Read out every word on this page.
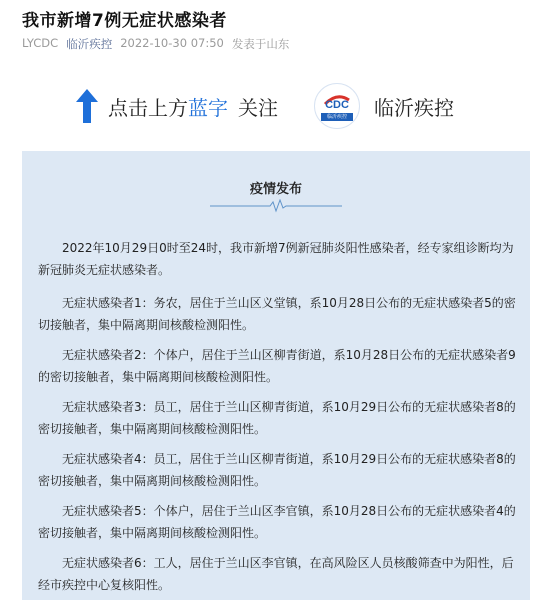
我市新增7例无症状感染者
LYCDC 临沂疾控 2022-10-30 07:50 发表于山东
点击上方蓝字 关注	CDC
临沂疾控 临沂疾控
疫情发布

2022年10月29日0时至24时，我市新增7例新冠肺炎阳性感染者，经专家组诊断均为新冠肺炎无症状感染者。

无症状感染者1：务农，居住于兰山区义堂镇，系10月28日公布的无症状感染者5的密切接触者，集中隔离期间核酸检测阳性。

无症状感染者2：个体户，居住于兰山区柳青街道，系10月28日公布的无症状感染者9的密切接触者，集中隔离期间核酸检测阳性。

无症状感染者3：员工，居住于兰山区柳青街道，系10月29日公布的无症状感染者8的密切接触者，集中隔离期间核酸检测阳性。

无症状感染者4：员工，居住于兰山区柳青街道，系10月29日公布的无症状感染者8的密切接触者，集中隔离期间核酸检测阳性。

无症状感染者5：个体户，居住于兰山区李官镇，系10月28日公布的无症状感染者4的密切接触者，集中隔离期间核酸检测阳性。

无症状感染者6：工人，居住于兰山区李官镇，在高风险区人员核酸筛查中为阳性，后经市疾控中心复核阳性。
